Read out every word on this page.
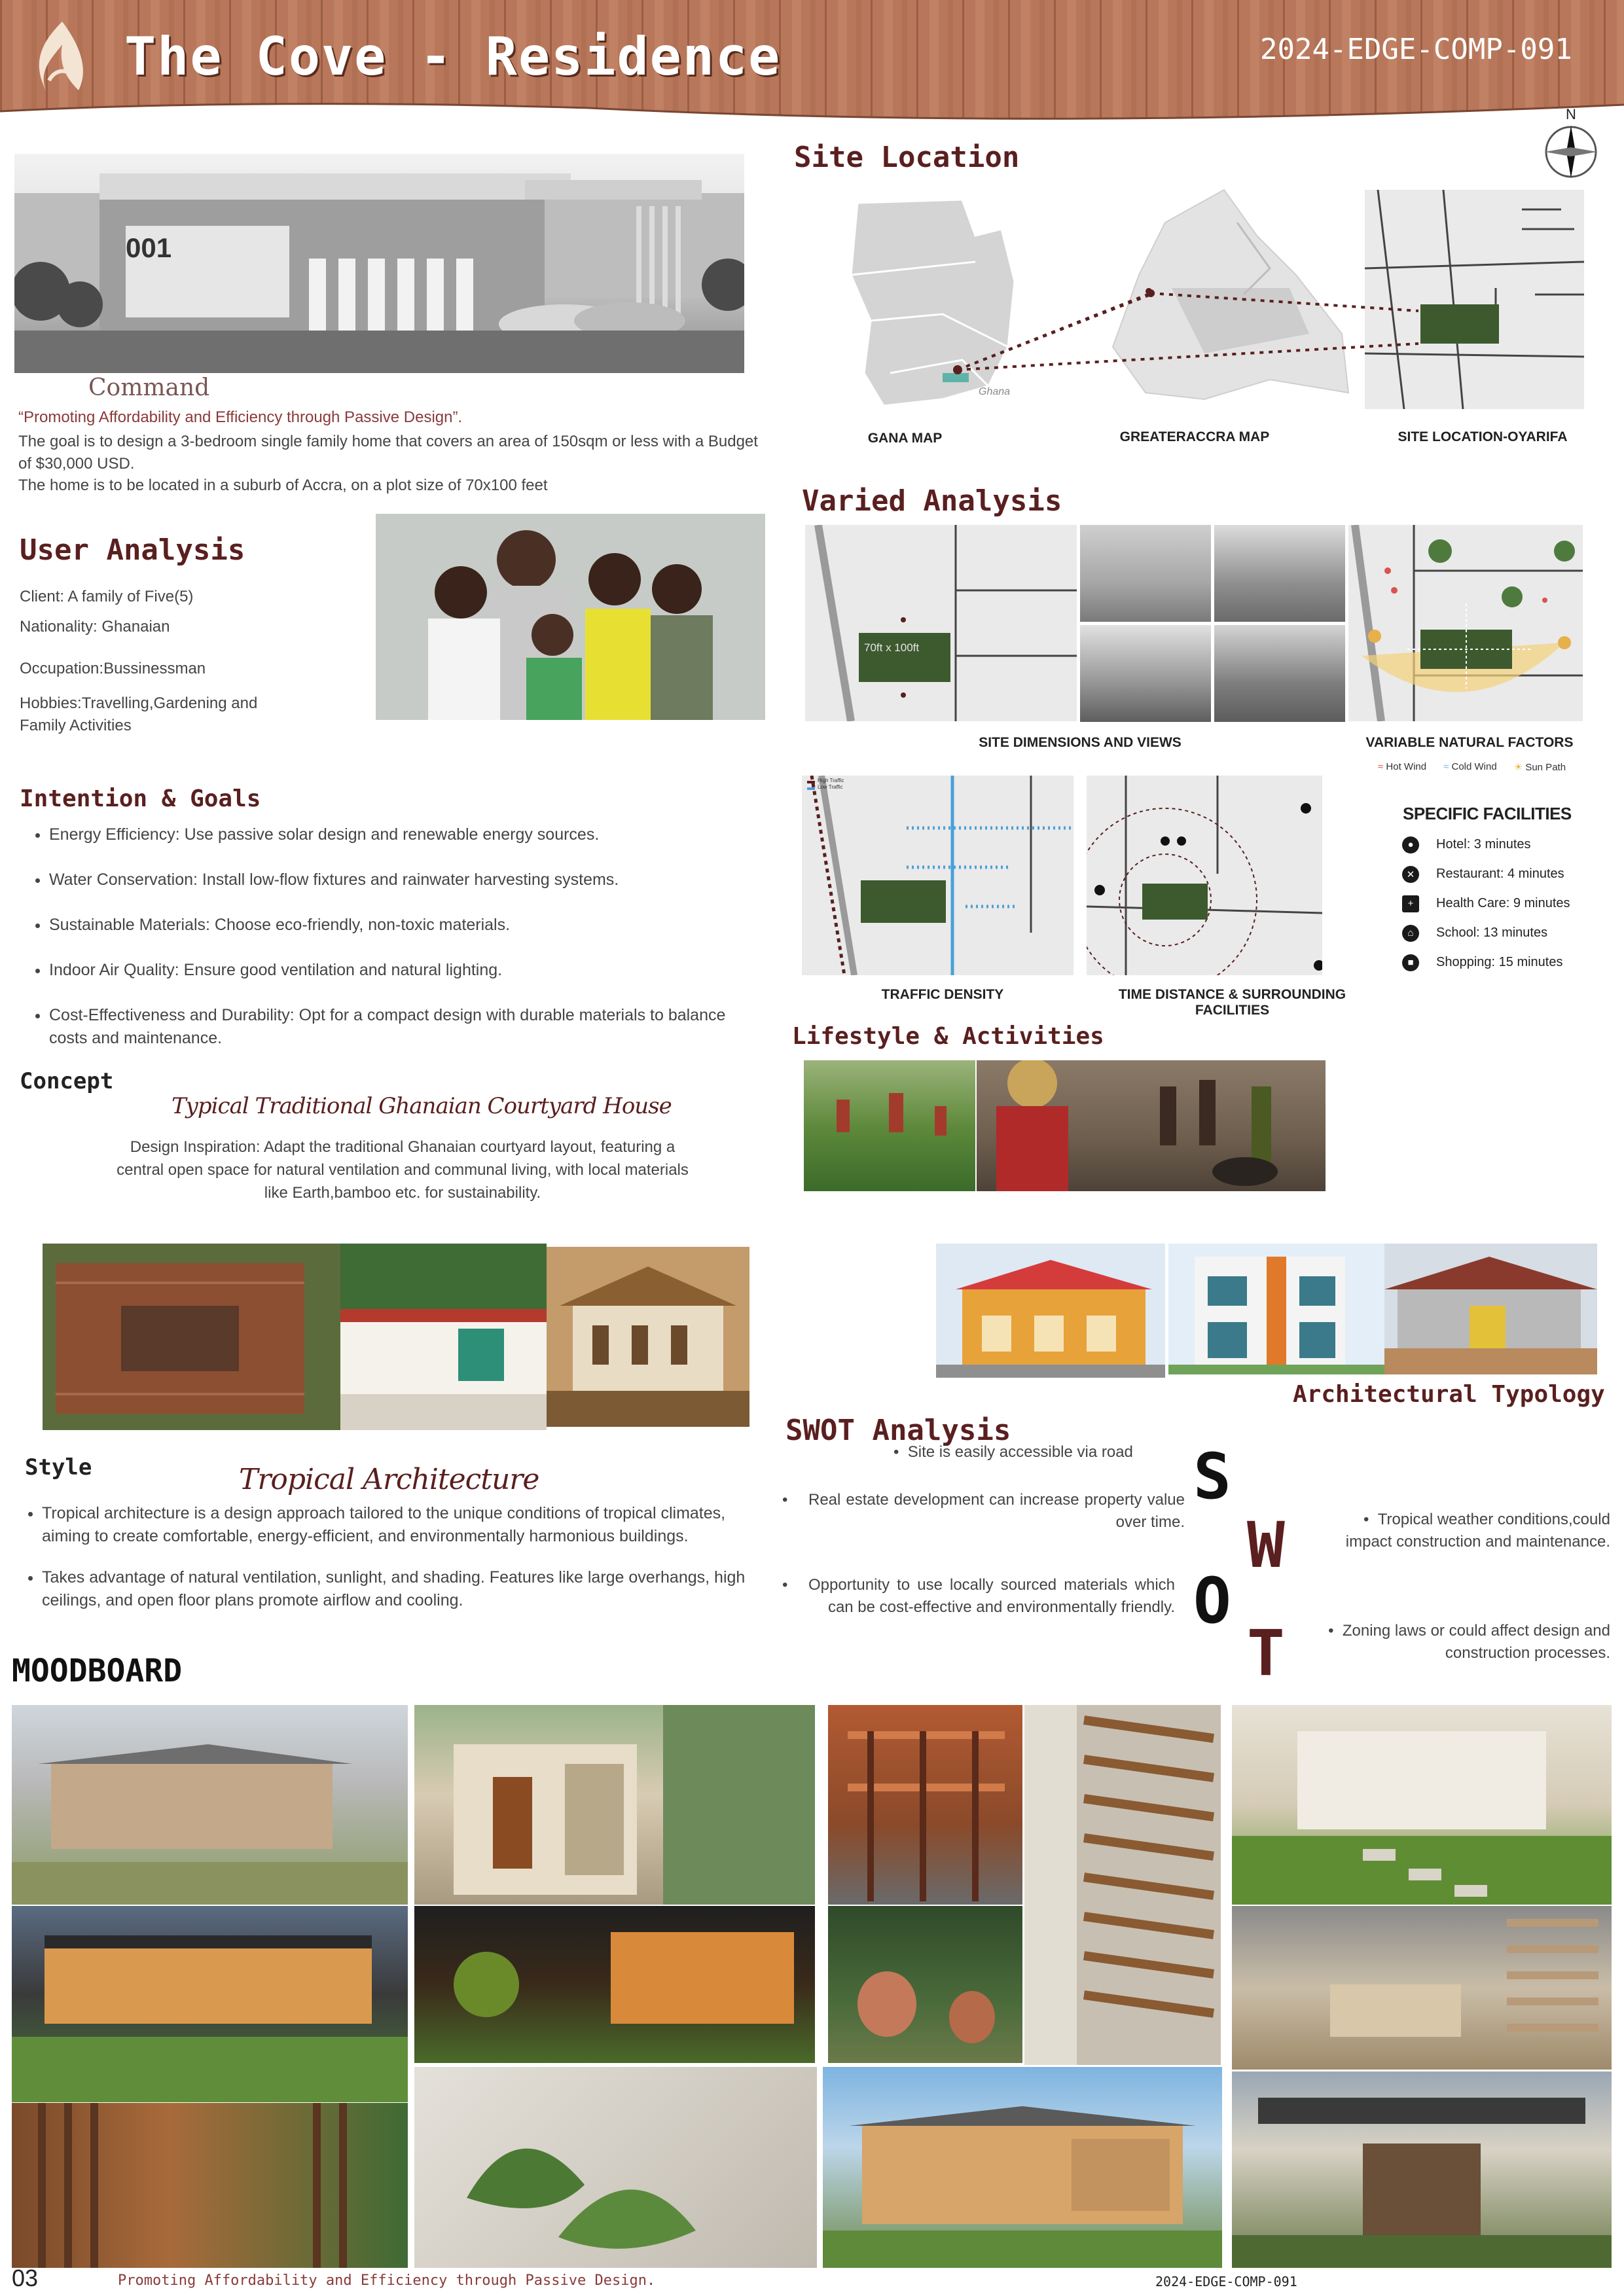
The Cove - Residence	2024-EDGE-COMP-091
001
Command
“Promoting Affordability and Efficiency through Passive Design”.
The goal is to design a 3-bedroom single family home that covers an area of 150sqm or less with a Budget of $30,000 USD.
The home is to be located in a suburb of Accra, on a plot size of 70x100 feet
User Analysis
Client: A family of Five(5)
Nationality: Ghanaian
Occupation:Bussinessman
Hobbies:Travelling,Gardening and Family Activities
Intention & Goals
• Energy Efficiency: Use passive solar design and renewable energy sources.
• Water Conservation: Install low-flow fixtures and rainwater harvesting systems.
• Sustainable Materials: Choose eco-friendly, non-toxic materials.
• Indoor Air Quality: Ensure good ventilation and natural lighting.
• Cost-Effectiveness and Durability: Opt for a compact design with durable materials to balance costs and maintenance.
Concept
Typical Traditional Ghanaian Courtyard House
Design Inspiration: Adapt the traditional Ghanaian courtyard layout, featuring a central open space for natural ventilation and communal living, with local materials like Earth,bamboo etc. for sustainability.
Style	Tropical Architecture
• Tropical architecture is a design approach tailored to the unique conditions of tropical climates, aiming to create comfortable, energy-efficient, and environmentally harmonious buildings.
• Takes advantage of natural ventilation, sunlight, and shading. Features like large overhangs, high ceilings, and open floor plans promote airflow and cooling.
Site Location
N
Ghana
GANA MAP	GREATERACCRA MAP	SITE LOCATION-OYARIFA
Varied Analysis
70ft x 100ft
SITE DIMENSIONS AND VIEWS	VARIABLE NATURAL FACTORS
≈ Hot Wind ≈ Cold Wind ☀ Sun Path
High Traffic
Low Traffic
TRAFFIC DENSITY	TIME DISTANCE & SURROUNDING FACILITIES
SPECIFIC FACILITIES
●	Hotel: 3 minutes
✕	Restaurant: 4 minutes
+	Health Care: 9 minutes
⌂	School: 13 minutes
■	Shopping: 15 minutes
Lifestyle & Activities
Architectural Typology
SWOT Analysis
•  Site is easily accessible via road
•	Real estate development can increase property value over time.
•	Opportunity to use locally sourced materials which can be cost-effective and environmentally friendly.
S
W
O
T
•  Tropical weather conditions,could impact construction and maintenance.
•  Zoning laws or could affect design and construction processes.
MOODBOARD
03	Promoting Affordability and Efficiency through Passive Design.	2024-EDGE-COMP-091
